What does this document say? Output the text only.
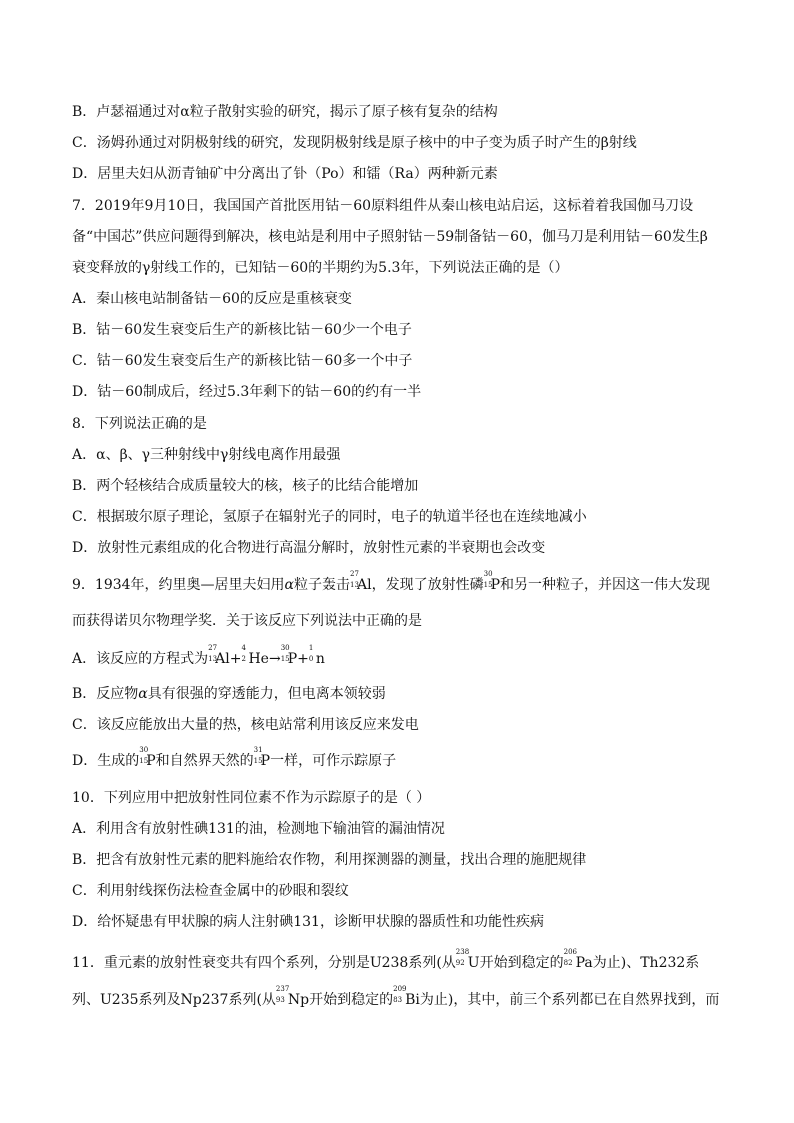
B．卢瑟福通过对α粒子散射实验的研究，揭示了原子核有复杂的结构
C．汤姆孙通过对阴极射线的研究，发现阴极射线是原子核中的中子变为质子时产生的β射线
D．居里夫妇从沥青铀矿中分离出了钋（Po）和镭（Ra）两种新元素
7．2019年9月10日，我国国产首批医用钴－60原料组件从秦山核电站启运，这标着着我国伽马刀设
备“中国芯”供应问题得到解决，核电站是利用中子照射钴－59制备钴－60，伽马刀是利用钴－60发生β
衰变释放的γ射线工作的，已知钴－60的半期约为5.3年，下列说法正确的是（）
A．秦山核电站制备钴－60的反应是重核衰变
B．钴－60发生衰变后生产的新核比钴－60少一个电子
C．钴－60发生衰变后生产的新核比钴－60多一个中子
D．钴－60制成后，经过5.3年剩下的钴－60的约有一半
8．下列说法正确的是
A．α、β、γ三种射线中γ射线电离作用最强
B．两个轻核结合成质量较大的核，核子的比结合能增加
C．根据玻尔原子理论，氢原子在辐射光子的同时，电子的轨道半径也在连续地减小
D．放射性元素组成的化合物进行高温分解时，放射性元素的半衰期也会改变
9．1934年，约里奥—居里夫妇用α粒子轰击
27
13
Al，发现了放射性磷
30
15
P和另一种粒子，并因这一伟大发现
而获得诺贝尔物理学奖．关于该反应下列说法中正确的是
A．该反应的方程式为
27
13
Al+
4
2 He→
30
15
P+
1
0 n
B．反应物α具有很强的穿透能力，但电离本领较弱
C．该反应能放出大量的热，核电站常利用该反应来发电
D．生成的
30
15
P和自然界天然的
31
15
P一样，可作示踪原子
10．下列应用中把放射性同位素不作为示踪原子的是（ ）
A．利用含有放射性碘131的油，检测地下输油管的漏油情况
B．把含有放射性元素的肥料施给农作物，利用探测器的测量，找出合理的施肥规律
C．利用射线探伤法检查金属中的砂眼和裂纹
D．给怀疑患有甲状腺的病人注射碘131，诊断甲状腺的器质性和功能性疾病
11．重元素的放射性衰变共有四个系列，分别是U238系列(从
238
92 U开始到稳定的
206
82 Pa为止)、Th232系
列、U235系列及Np237系列(从
237
93 Np开始到稳定的
209
83 Bi为止)，其中，前三个系列都已在自然界找到，而
